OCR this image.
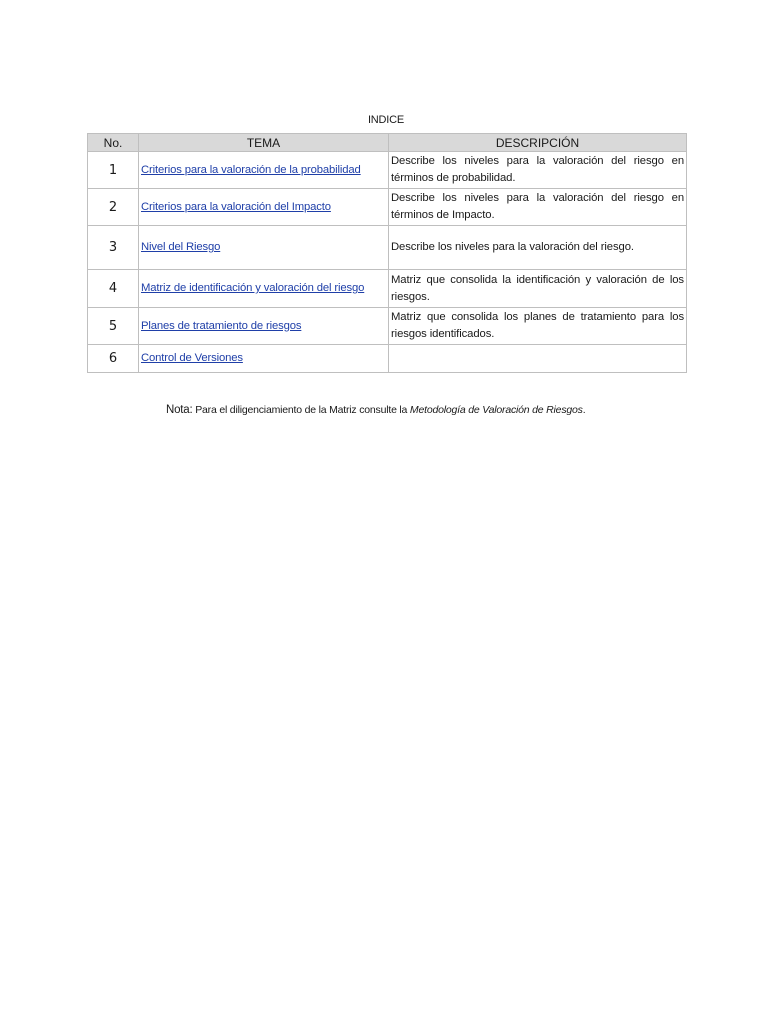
INDICE
No.	TEMA	DESCRIPCIÓN
1	Criterios para la valoración de la probabilidad	Describe los niveles para la valoración del riesgo en términos de probabilidad.
2	Criterios para la valoración del Impacto	Describe los niveles para la valoración del riesgo en términos de Impacto.
3	Nivel del Riesgo	Describe los niveles para la valoración del riesgo.
4	Matriz de identificación y valoración del riesgo	Matriz que consolida la identificación y valoración de los riesgos.
5	Planes de tratamiento de riesgos	Matriz que consolida los planes de tratamiento para los riesgos identificados.
6	Control de Versiones	
Nota: Para el diligenciamiento de la Matriz consulte la Metodología de Valoración de Riesgos.
